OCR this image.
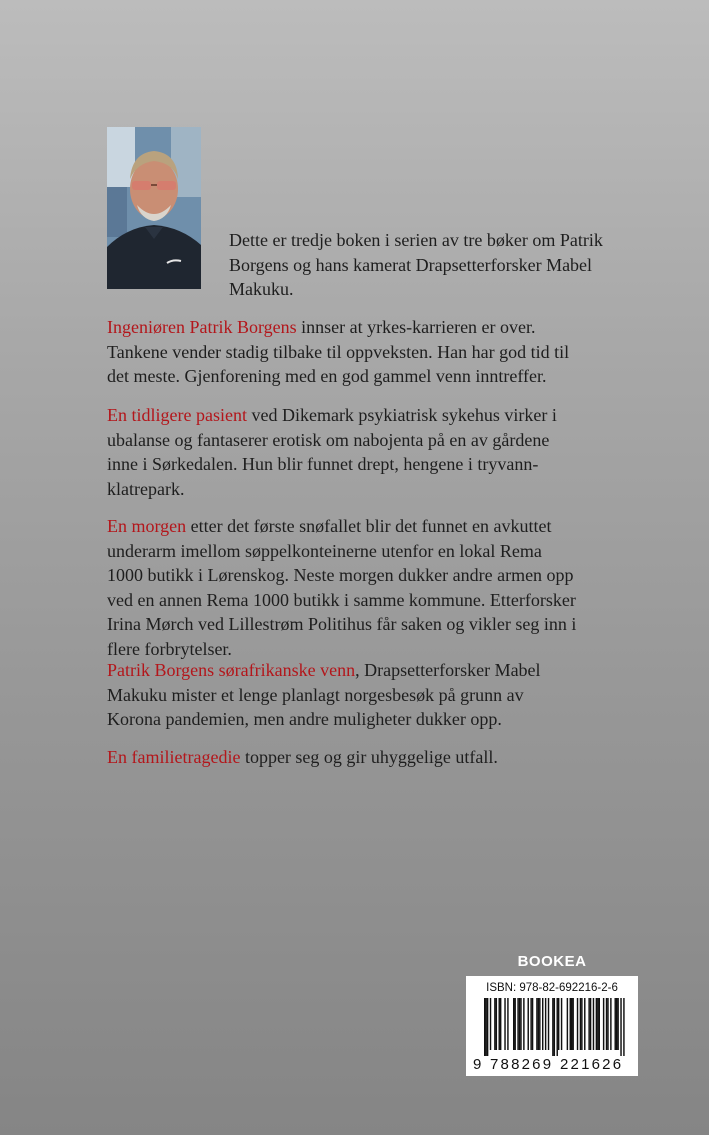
Dette er tredje boken i serien av tre bøker om Patrik Borgens og hans kamerat Drapsetterforsker Mabel Makuku.

Ingeniøren Patrik Borgens innser at yrkes-karrieren er over. Tankene vender stadig tilbake til oppveksten. Han har god tid til det meste. Gjenforening med en god gammel venn inntreffer.

En tidligere pasient ved Dikemark psykiatrisk sykehus virker i ubalanse og fantaserer erotisk om nabojenta på en av gårdene inne i Sørkedalen. Hun blir funnet drept, hengene i tryvann-klatrepark.

En morgen etter det første snøfallet blir det funnet en avkuttet underarm imellom søppelkonteinerne utenfor en lokal Rema 1000 butikk i Lørenskog. Neste morgen dukker andre armen opp ved en annen Rema 1000 butikk i samme kommune. Etterforsker Irina Mørch ved Lillestrøm Politihus får saken og vikler seg inn i flere forbrytelser.

Patrik Borgens sørafrikanske venn, Drapsetterforsker Mabel Makuku mister et lenge planlagt norgesbesøk på grunn av Korona pandemien, men andre muligheter dukker opp.

En familietragedie topper seg og gir uhyggelige utfall.

BOOKEA
ISBN: 978-82-692216-2-6
9 788269 221626
